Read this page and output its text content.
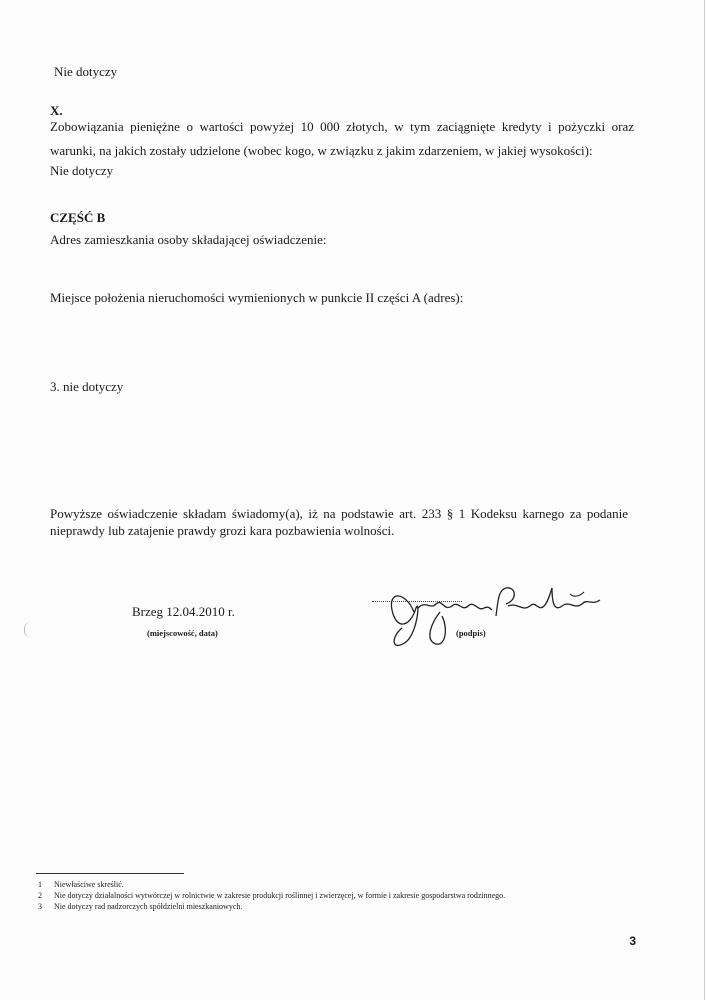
Nie dotyczy
X.
Zobowiązania pieniężne o wartości powyżej 10 000 złotych, w tym zaciągnięte kredyty i pożyczki oraz warunki, na jakich zostały udzielone (wobec kogo, w związku z jakim zdarzeniem, w jakiej wysokości):
Nie dotyczy
CZĘŚĆ B
Adres zamieszkania osoby składającej oświadczenie:
Miejsce położenia nieruchomości wymienionych w punkcie II części A (adres):
3. nie dotyczy
Powyższe oświadczenie składam świadomy(a), iż na podstawie art. 233 § 1 Kodeksu karnego za podanie nieprawdy lub zatajenie prawdy grozi kara pozbawienia wolności.
Brzeg 12.04.2010 r.
(miejscowość, data)	(podpis)
1 Niewłaściwe skreślić.
2 Nie dotyczy działalności wytwórczej w rolnictwie w zakresie produkcji roślinnej i zwierzęcej, w formie i zakresie gospodarstwa rodzinnego.
3 Nie dotyczy rad nadzorczych spółdzielni mieszkaniowych.
3
